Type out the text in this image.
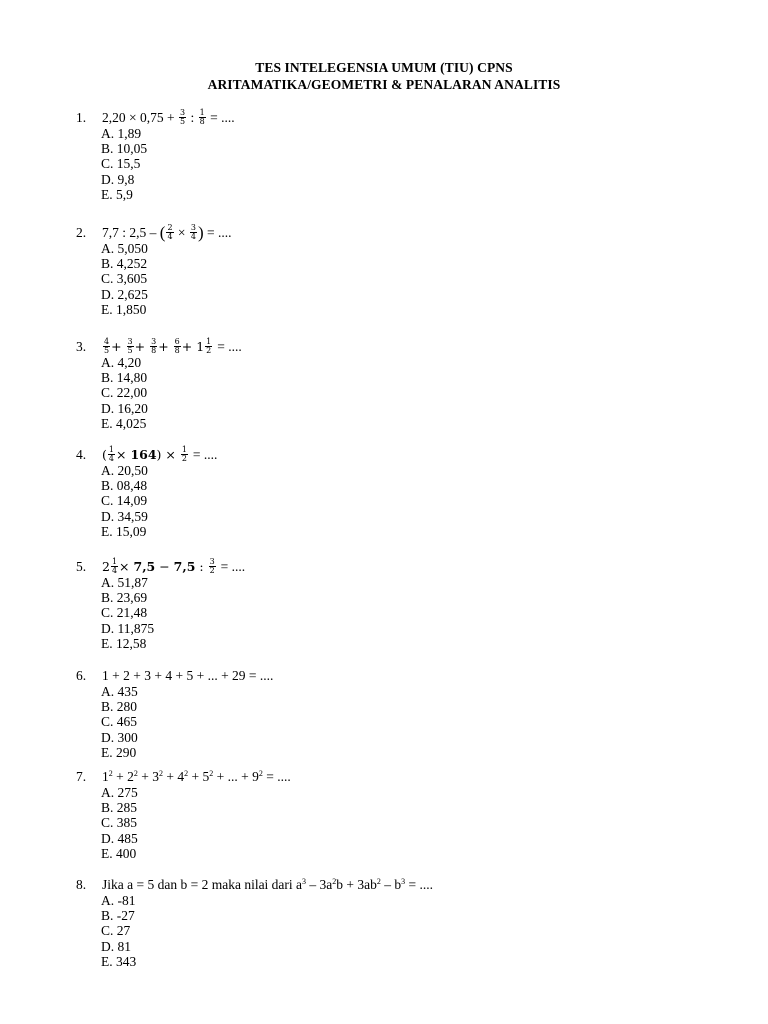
TES INTELEGENSIA UMUM (TIU) CPNS
ARITAMATIKA/GEOMETRI & PENALARAN ANALITIS
1. $2,20 \times 0,75 + \frac{3}{5}$ : $\frac{1}{8}$ = ....
A. 1,89
B. 10,05
C. 15,5
D. 9,8
E. 5,9
2. 7,7 : 2,5 – ( $\frac{2}{4} \times \frac{3}{4}$ ) = ....
A. 5,050
B. 4,252
C. 3,605
D. 2,625
E. 1,850
3. $\frac{4}{5} + \frac{3}{5} + \frac{3}{8} + \frac{6}{8} + 1 \frac{1}{2}$ = ....
A. 4,20
B. 14,80
C. 22,00
D. 16,20
E. 4,025
4. ( $\frac{1}{4} \times 164) \times \frac{1}{2}$ = ....
A. 20,50
B. 08,48
C. 14,09
D. 34,59
E. 15,09
5. $2 \frac{1}{4} \times 7,5 - 7,5$ : $\frac{3}{2}$ = ....
A. 51,87
B. 23,69
C. 21,48
D. 11,875
E. 12,58
6. 1 + 2 + 3 + 4 + 5 + ... + 29 = ....
A. 435
B. 280
C. 465
D. 300
E. 290
7. $1^2 + 2^2 + 3^2 + 4^2 + 5^2$ + ... + $9^2$ = ....
A. 275
B. 285
C. 385
D. 485
E. 400
8. Jika a = 5 dan b = 2 maka nilai dari $a^3 - 3a^2b + 3ab^2 - b^3$ = ....
A. -81
B. -27
C. 27
D. 81
E. 343
